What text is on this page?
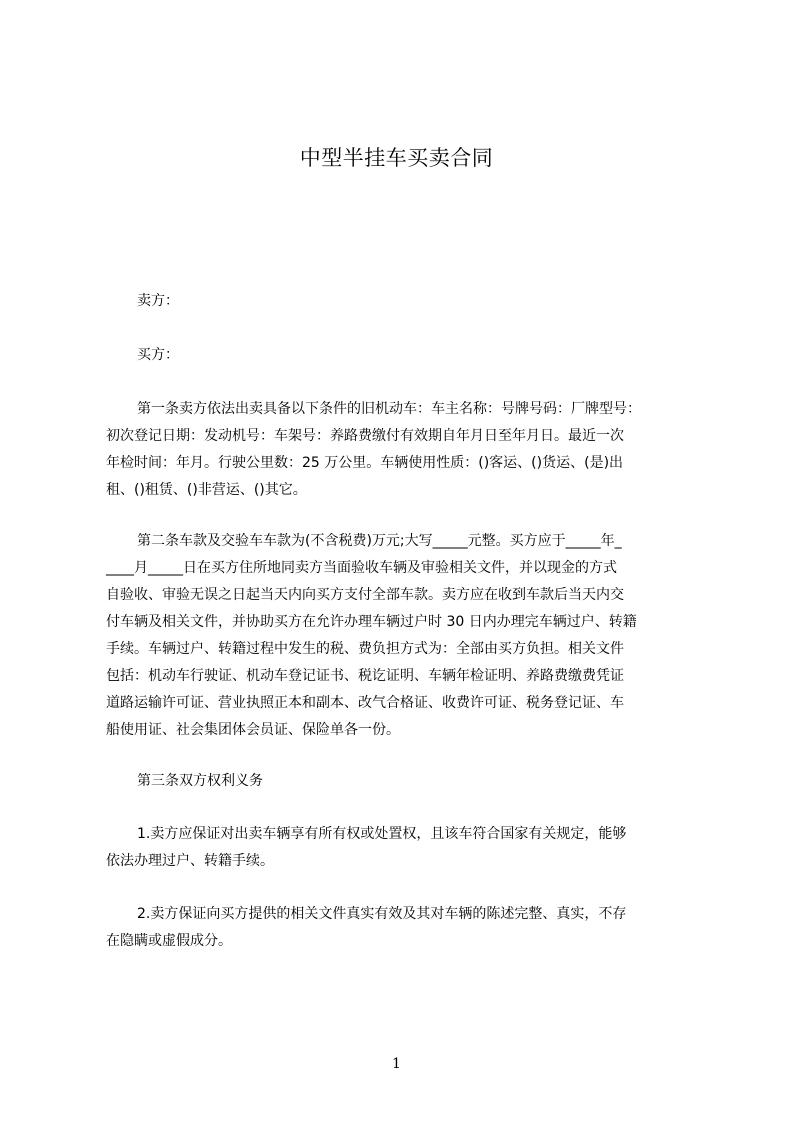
中型半挂车买卖合同
卖方：
买方：
第一条卖方依法出卖具备以下条件的旧机动车：车主名称：号牌号码：厂牌型号：
初次登记日期：发动机号：车架号：养路费缴付有效期自年月日至年月日。最近一次
年检时间：年月。行驶公里数：25 万公里。车辆使用性质：()客运、()货运、(是)出
租、()租赁、()非营运、()其它。
第二条车款及交验车车款为(不含税费)万元;大写_____元整。买方应于_____年_
____月_____日在买方住所地同卖方当面验收车辆及审验相关文件，并以现金的方式
自验收、审验无误之日起当天内向买方支付全部车款。卖方应在收到车款后当天内交
付车辆及相关文件，并协助买方在允许办理车辆过户时 30 日内办理完车辆过户、转籍
手续。车辆过户、转籍过程中发生的税、费负担方式为：全部由买方负担。相关文件
包括：机动车行驶证、机动车登记证书、税讫证明、车辆年检证明、养路费缴费凭证
道路运输许可证、营业执照正本和副本、改气合格证、收费许可证、税务登记证、车
船使用证、社会集团体会员证、保险单各一份。
第三条双方权利义务
1.卖方应保证对出卖车辆享有所有权或处置权，且该车符合国家有关规定，能够
依法办理过户、转籍手续。
2.卖方保证向买方提供的相关文件真实有效及其对车辆的陈述完整、真实，不存
在隐瞒或虚假成分。
1
